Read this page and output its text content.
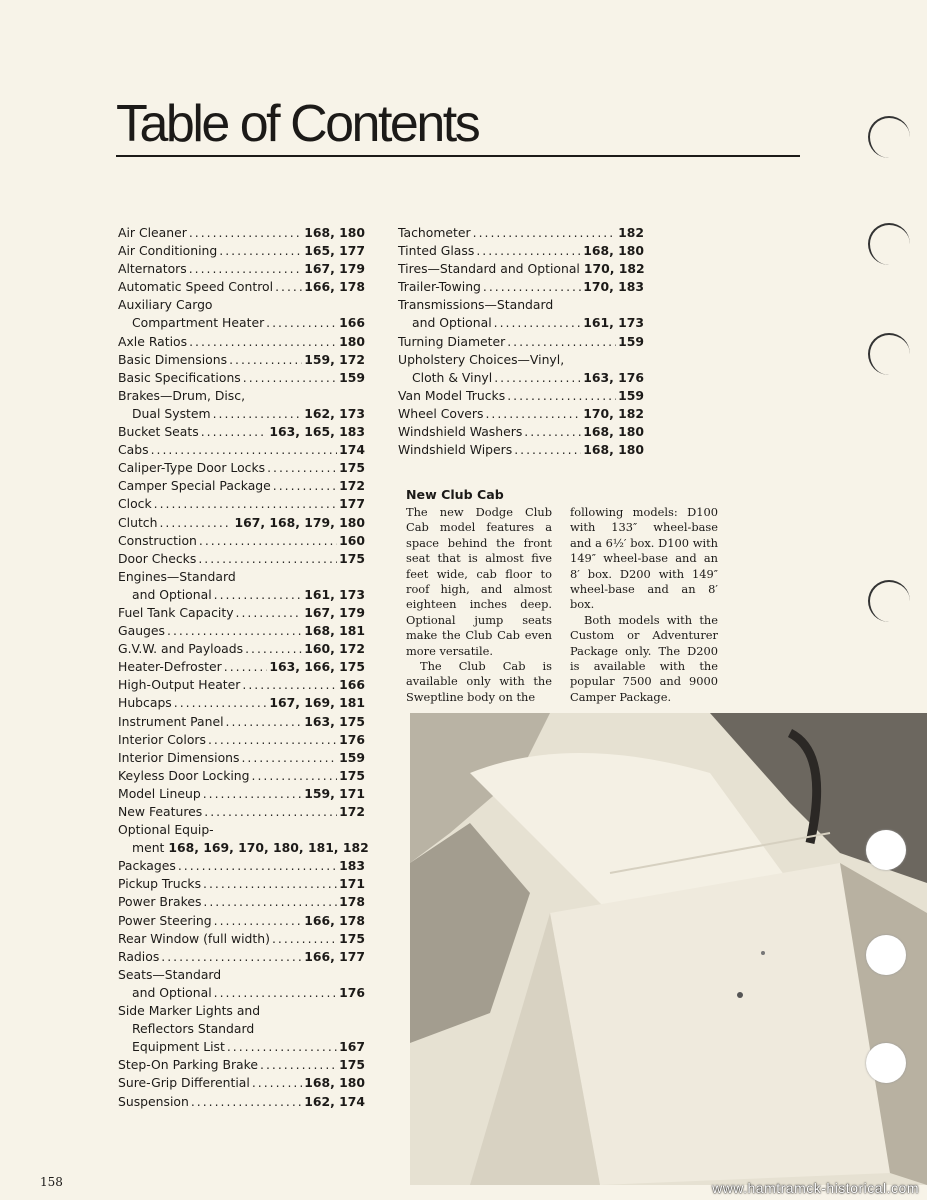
Table of Contents
Air Cleaner .....	168, 180
Air Conditioning .....	165, 177
Alternators .....	167, 179
Automatic Speed Control .....	166, 178
Auxiliary Cargo
Compartment Heater .....	166
Axle Ratios .....	180
Basic Dimensions .....	159, 172
Basic Specifications .....	159
Brakes—Drum, Disc,
Dual System .....	162, 173
Bucket Seats .....	163, 165, 183
Cabs .....	174
Caliper-Type Door Locks .....	175
Camper Special Package .....	172
Clock .....	177
Clutch .....	167, 168, 179, 180
Construction .....	160
Door Checks .....	175
Engines—Standard
and Optional .....	161, 173
Fuel Tank Capacity .....	167, 179
Gauges .....	168, 181
G.V.W. and Payloads .....	160, 172
Heater-Defroster .....	163, 166, 175
High-Output Heater .....	166
Hubcaps .....	167, 169, 181
Instrument Panel .....	163, 175
Interior Colors .....	176
Interior Dimensions .....	159
Keyless Door Locking .....	175
Model Lineup .....	159, 171
New Features .....	172
Optional Equip-
ment 168, 169, 170, 180, 181, 182
Packages .....	183
Pickup Trucks .....	171
Power Brakes .....	178
Power Steering .....	166, 178
Rear Window (full width) .....	175
Radios .....	166, 177
Seats—Standard
and Optional .....	176
Side Marker Lights and
Reflectors Standard
Equipment List .....	167
Step-On Parking Brake .....	175
Sure-Grip Differential .....	168, 180
Suspension .....	162, 174
Tachometer .....	182
Tinted Glass .....	168, 180
Tires—Standard and Optional 170, 182
Trailer-Towing .....	170, 183
Transmissions—Standard
and Optional .....	161, 173
Turning Diameter .....	159
Upholstery Choices—Vinyl,
Cloth & Vinyl .....	163, 176
Van Model Trucks .....	159
Wheel Covers .....	170, 182
Windshield Washers .....	168, 180
Windshield Wipers .....	168, 180
New Club Cab

The new Dodge Club Cab model features a space behind the front seat that is almost five feet wide, cab floor to roof high, and almost eighteen inches deep. Optional jump seats make the Club Cab even more versatile.

The Club Cab is available only with the Sweptline body on the

following models: D100 with 133″ wheel-base and a 6½′ box. D100 with 149″ wheel-base and an 8′ box. D200 with 149″ wheel-base and an 8′ box.

Both models with the Custom or Adventurer Package only. The D200 is available with the popular 7500 and 9000 Camper Package.

158	www.hamtramck-historical.com
